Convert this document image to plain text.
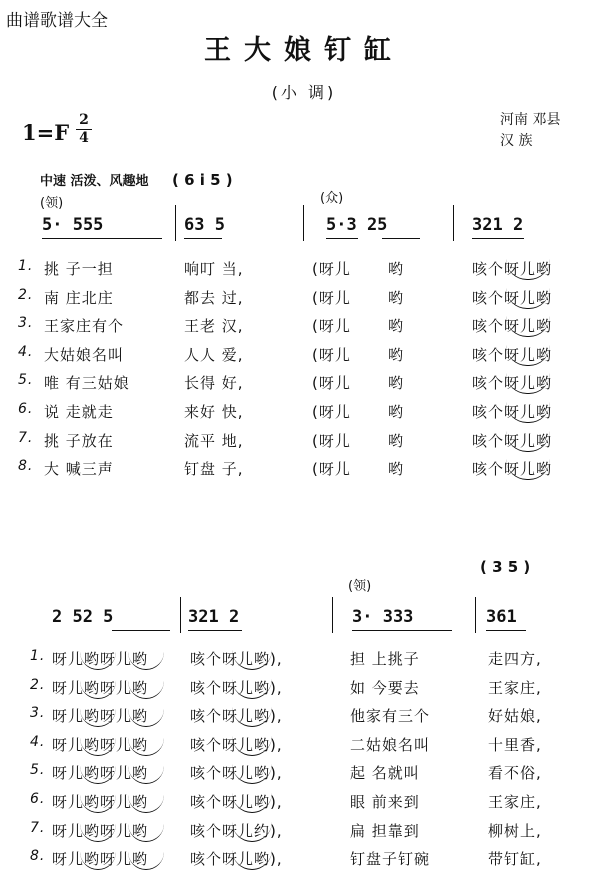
曲谱歌谱大全
王大娘钉缸
(小 调)
1=F 2
4
河南 邓县
汉 族
中速 活泼、风趣地 ( 6 i 5 )
(领)	(众)
5· 555	63 5	5·3 25	321 2
1. 挑 子一担	响叮 当,	(呀儿 哟	咳个呀儿哟
2. 南 庄北庄	都去 过,	(呀儿 哟	咳个呀儿哟
3. 王家庄有个	王老 汉,	(呀儿 哟	咳个呀儿哟
4. 大姑娘名叫	人人 爱,	(呀儿 哟	咳个呀儿哟
5. 唯 有三姑娘	长得 好,	(呀儿 哟	咳个呀儿哟
6. 说 走就走	来好 快,	(呀儿 哟	咳个呀儿哟
7. 挑 子放在	流平 地,	(呀儿 哟	咳个呀儿哟
8. 大 喊三声	钉盘 子,	(呀儿 哟	咳个呀儿哟
(领)
( 3 5 )
2 52 5	321 2	3· 333	361
1. 呀儿哟呀儿哟	咳个呀儿哟),	担 上挑子	走四方,
2. 呀儿哟呀儿哟	咳个呀儿哟),	如 今要去	王家庄,
3. 呀儿哟呀儿哟	咳个呀儿哟),	他家有三个	好姑娘,
4. 呀儿哟呀儿哟	咳个呀儿哟),	二姑娘名叫	十里香,
5. 呀儿哟呀儿哟	咳个呀儿哟),	起 名就叫	看不俗,
6. 呀儿哟呀儿哟	咳个呀儿哟),	眼 前来到	王家庄,
7. 呀儿哟呀儿哟	咳个呀儿约),	扁 担靠到	柳树上,
8. 呀儿哟呀儿哟	咳个呀儿哟),	钉盘子钉碗	带钉缸,
